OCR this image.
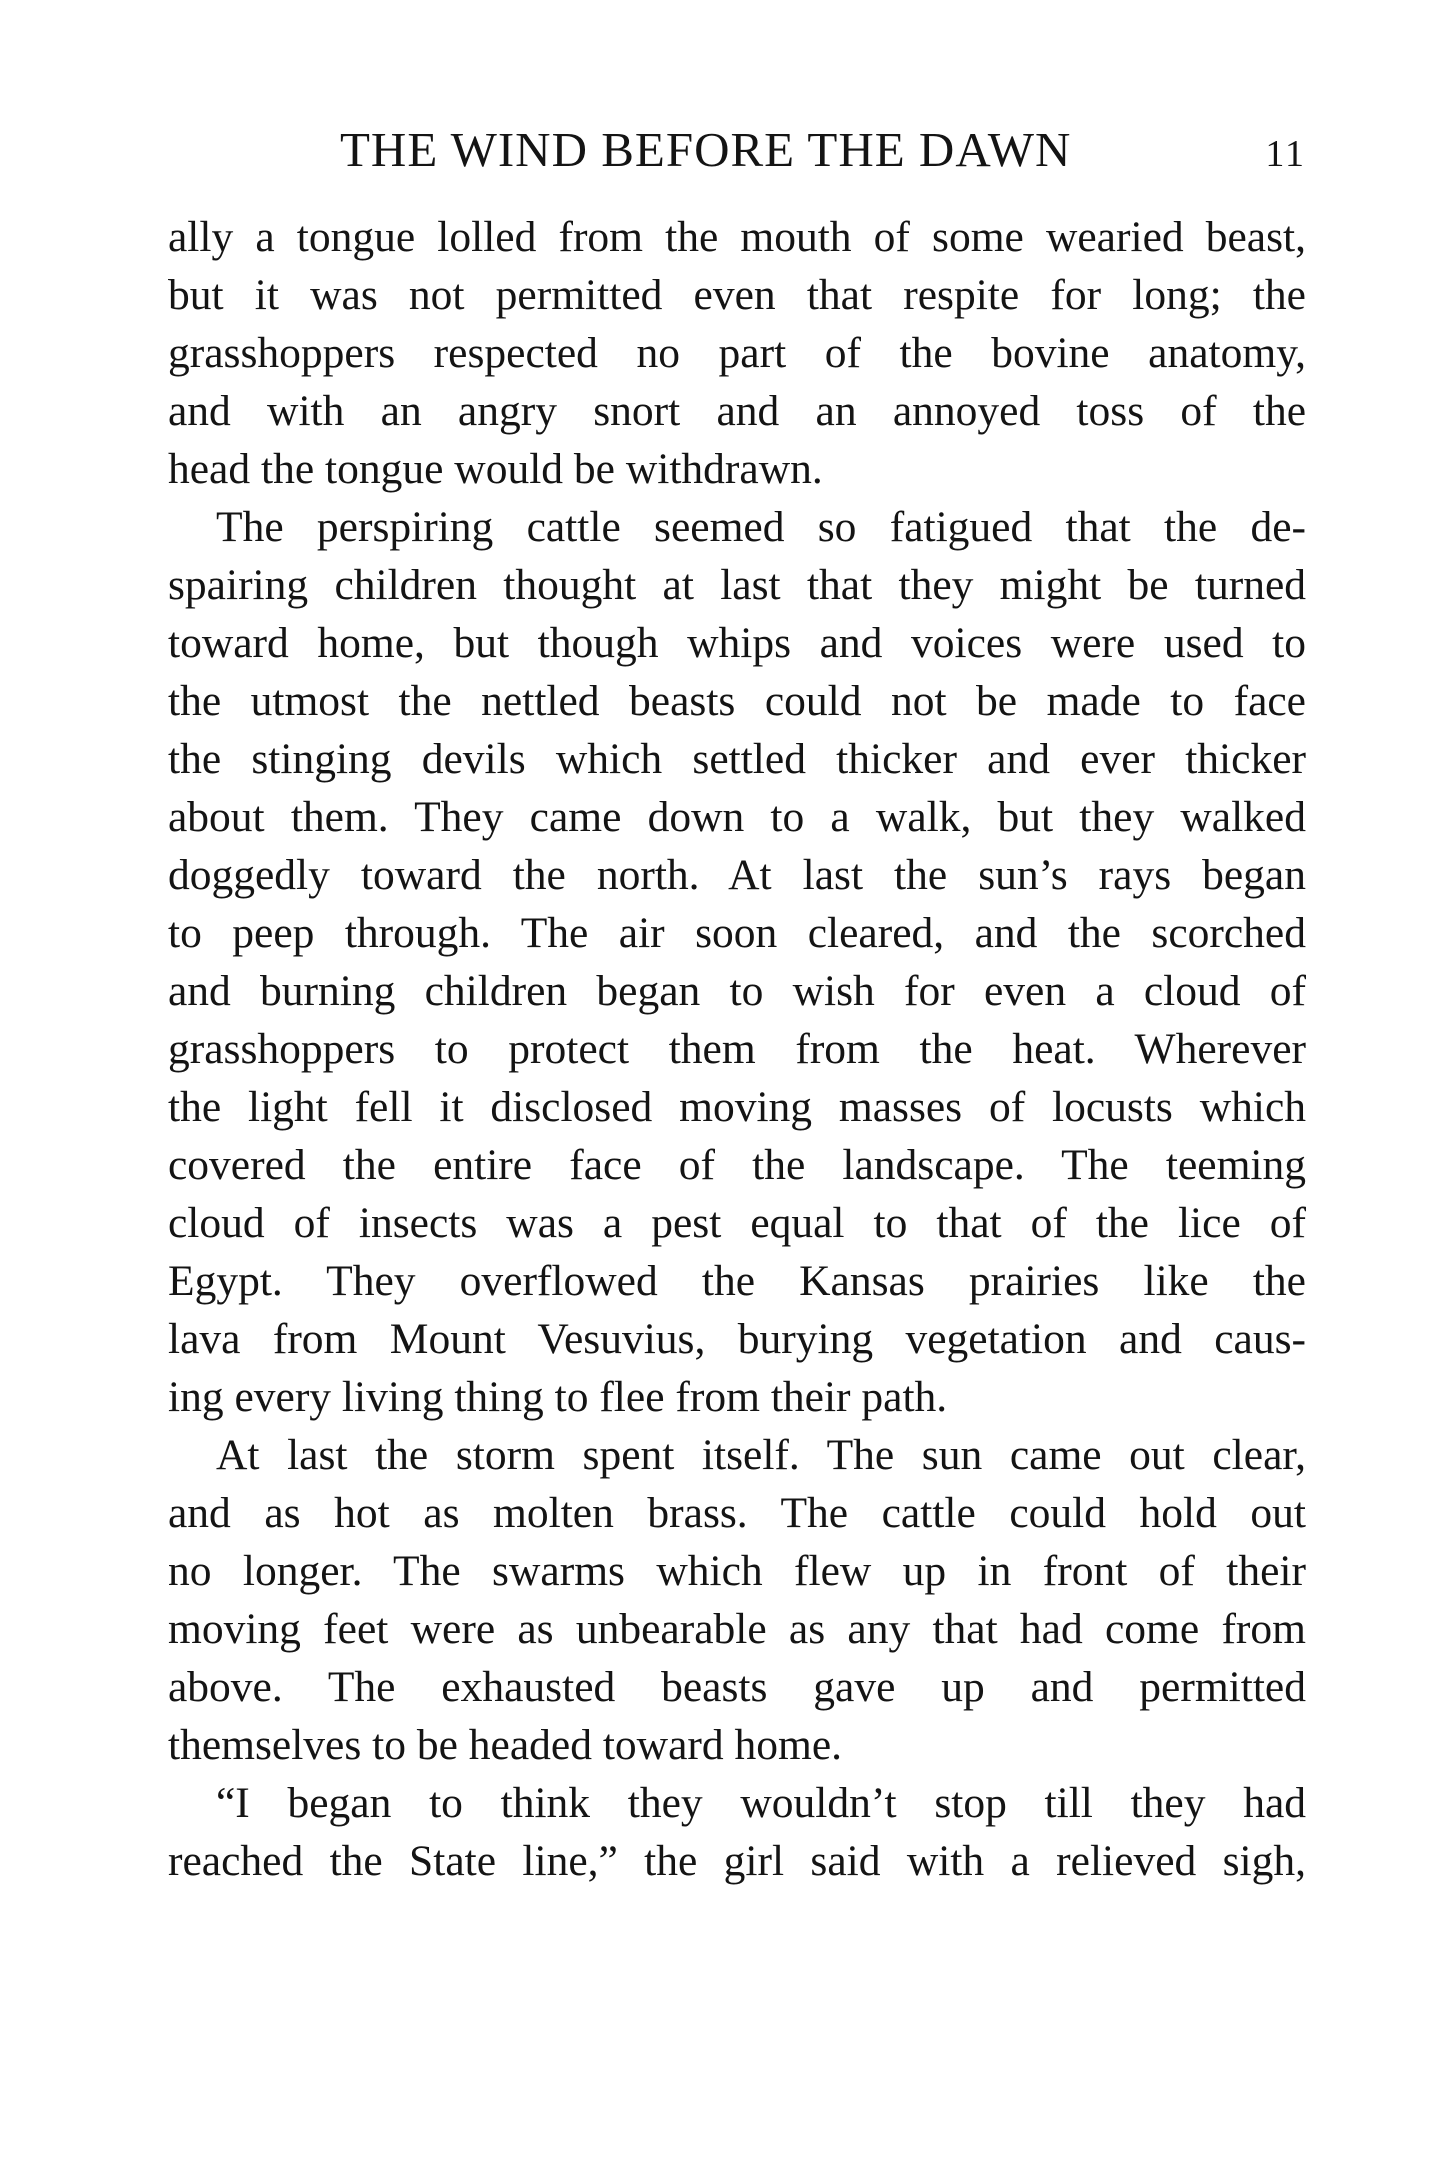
THE WIND BEFORE THE DAWN	11
ally a tongue lolled from the mouth of some wearied beast,
but it was not permitted even that respite for long; the
grasshoppers respected no part of the bovine anatomy,
and with an angry snort and an annoyed toss of the
head the tongue would be withdrawn.
The perspiring cattle seemed so fatigued that the de-
spairing children thought at last that they might be turned
toward home, but though whips and voices were used to
the utmost the nettled beasts could not be made to face
the stinging devils which settled thicker and ever thicker
about them. They came down to a walk, but they walked
doggedly toward the north. At last the sun’s rays began
to peep through. The air soon cleared, and the scorched
and burning children began to wish for even a cloud of
grasshoppers to protect them from the heat. Wherever
the light fell it disclosed moving masses of locusts which
covered the entire face of the landscape. The teeming
cloud of insects was a pest equal to that of the lice of
Egypt. They overflowed the Kansas prairies like the
lava from Mount Vesuvius, burying vegetation and caus-
ing every living thing to flee from their path.
At last the storm spent itself. The sun came out clear,
and as hot as molten brass. The cattle could hold out
no longer. The swarms which flew up in front of their
moving feet were as unbearable as any that had come from
above. The exhausted beasts gave up and permitted
themselves to be headed toward home.
“I began to think they wouldn’t stop till they had
reached the State line,” the girl said with a relieved sigh,
